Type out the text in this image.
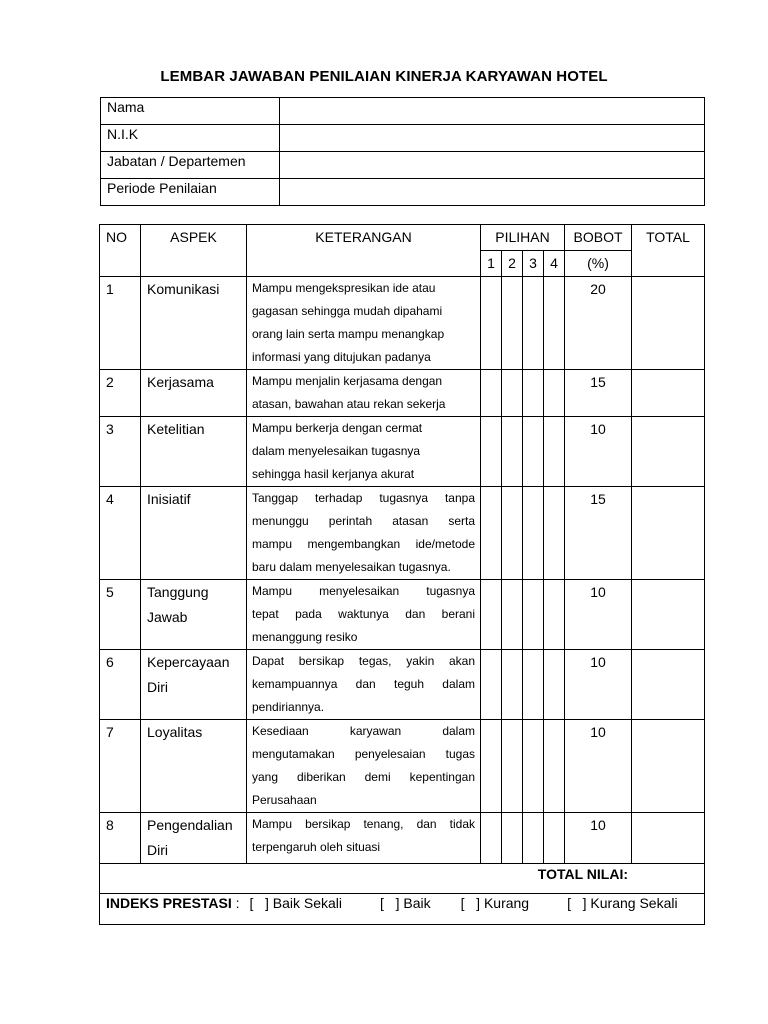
LEMBAR JAWABAN PENILAIAN KINERJA KARYAWAN HOTEL
Nama	
N.I.K	
Jabatan / Departemen	
Periode Penilaian	
NO	ASPEK	KETERANGAN	PILIHAN				BOBOT	TOTAL
			1	2	3	4	(%)	
1	Komunikasi	Mampu mengekspresikan ide atau
gagasan sehingga mudah dipahami
orang lain serta mampu menangkap
informasi yang ditujukan padanya					20	
2	Kerjasama	Mampu menjalin kerjasama dengan
atasan, bawahan atau rekan sekerja					15	
3	Ketelitian	Mampu berkerja dengan cermat
dalam menyelesaikan tugasnya
sehingga hasil kerjanya akurat					10	
4	Inisiatif	Tanggap terhadap tugasnya tanpa
menunggu perintah atasan serta
mampu mengembangkan ide/metode
baru dalam menyelesaikan tugasnya.					15	
5	Tanggung
Jawab	Mampu menyelesaikan tugasnya
tepat pada waktunya dan berani
menanggung resiko					10	
6	Kepercayaan
Diri	Dapat bersikap tegas, yakin akan
kemampuannya dan teguh dalam
pendiriannya.					10	
7	Loyalitas	Kesediaan karyawan dalam
mengutamakan penyelesaian tugas
yang diberikan demi kepentingan
Perusahaan					10	
8	Pengendalian
Diri	Mampu bersikap tenang, dan tidak
terpengaruh oleh situasi					10	
TOTAL NILAI:								
INDEKS PRESTASI : [   ] Baik Sekali [   ] Baik [   ] Kurang [   ] Kurang Sekali								
